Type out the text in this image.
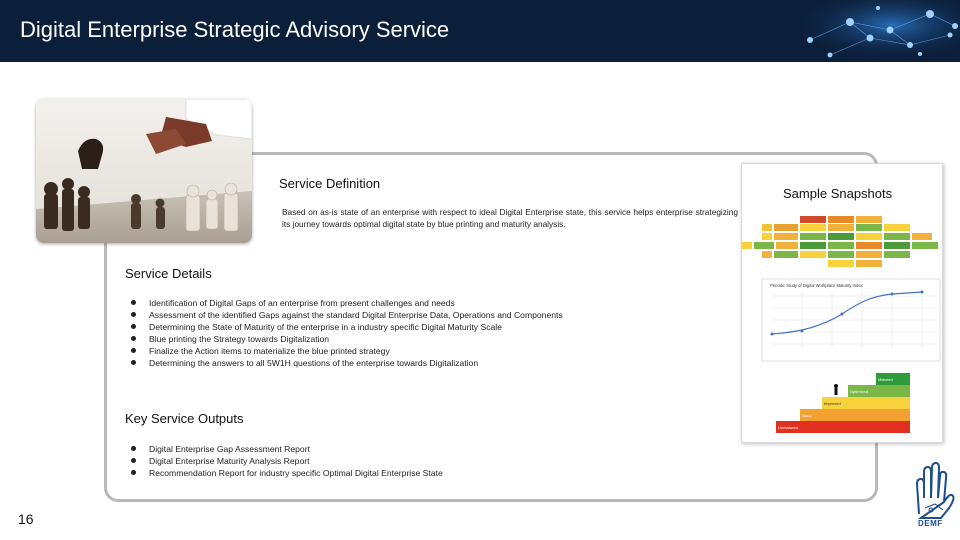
Digital Enterprise Strategic Advisory Service
Service Definition
Based on as-is state of an enterprise with respect to ideal Digital Enterprise state, this service helps enterprise strategizing its journey towards optimal digital state by blue printing and maturity analysis.
Service Details
Identification of Digital Gaps of an enterprise from present challenges and needs
Assessment of the identified Gaps against the standard Digital Enterprise Data, Operations and Components
Determining the State of Maturity of the enterprise in a industry specific Digital Maturity Scale
Blue printing the Strategy towards Digitalization
Finalize the Action items to materialize the blue printed strategy
Determining the answers to all 5W1H questions of the enterprise towards Digitalization
Key Service Outputs
Digital Enterprise Gap Assessment Report
Digital Enterprise Maturity Analysis Report
Recommendation Report for industry specific Optimal Digital Enterprise State
Periodic Study of Digital Workplace Maturity Index
Matured
Optimized
Improved
Basic
Unmatured
Sample Snapshots
16	DEMF
